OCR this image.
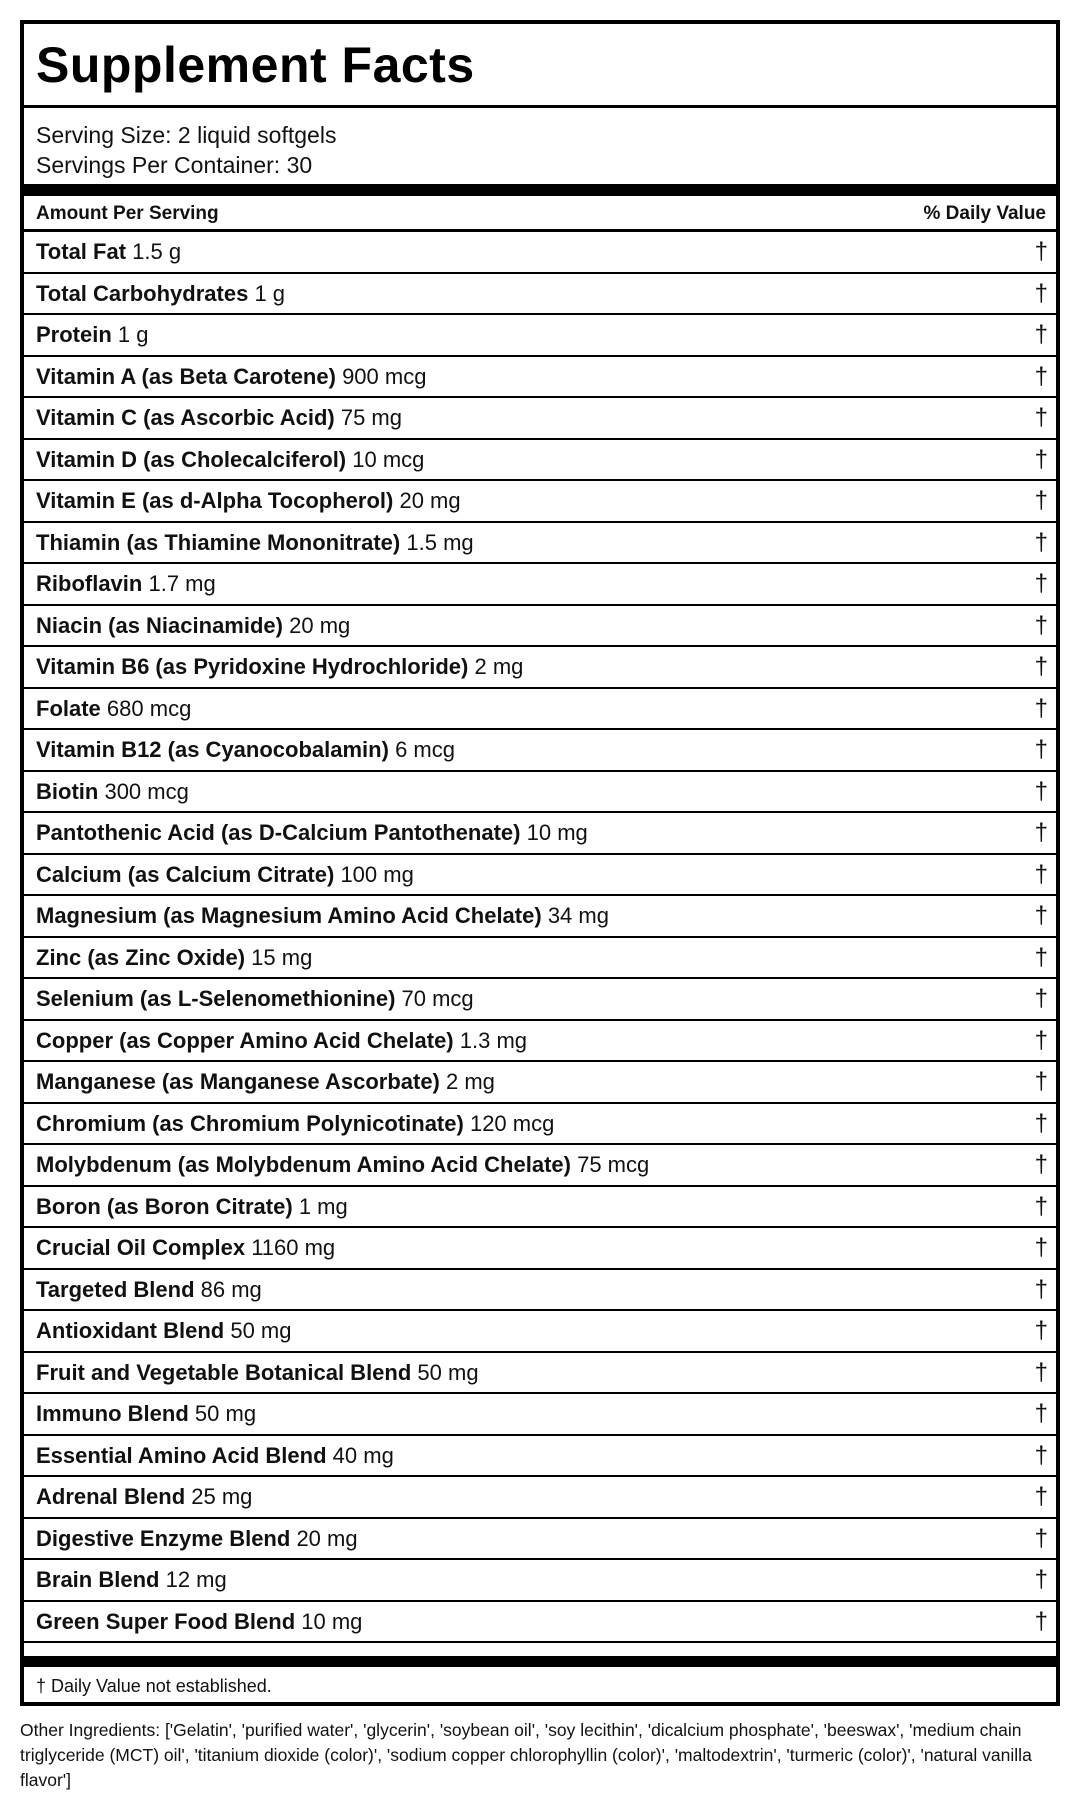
Supplement Facts
Serving Size: 2 liquid softgels
Servings Per Container: 30
Amount Per Serving	% Daily Value
Total Fat 1.5 g	†
Total Carbohydrates 1 g	†
Protein 1 g	†
Vitamin A (as Beta Carotene) 900 mcg	†
Vitamin C (as Ascorbic Acid) 75 mg	†
Vitamin D (as Cholecalciferol) 10 mcg	†
Vitamin E (as d-Alpha Tocopherol) 20 mg	†
Thiamin (as Thiamine Mononitrate) 1.5 mg	†
Riboflavin 1.7 mg	†
Niacin (as Niacinamide) 20 mg	†
Vitamin B6 (as Pyridoxine Hydrochloride) 2 mg	†
Folate 680 mcg	†
Vitamin B12 (as Cyanocobalamin) 6 mcg	†
Biotin 300 mcg	†
Pantothenic Acid (as D-Calcium Pantothenate) 10 mg	†
Calcium (as Calcium Citrate) 100 mg	†
Magnesium (as Magnesium Amino Acid Chelate) 34 mg	†
Zinc (as Zinc Oxide) 15 mg	†
Selenium (as L-Selenomethionine) 70 mcg	†
Copper (as Copper Amino Acid Chelate) 1.3 mg	†
Manganese (as Manganese Ascorbate) 2 mg	†
Chromium (as Chromium Polynicotinate) 120 mcg	†
Molybdenum (as Molybdenum Amino Acid Chelate) 75 mcg	†
Boron (as Boron Citrate) 1 mg	†
Crucial Oil Complex 1160 mg	†
Targeted Blend 86 mg	†
Antioxidant Blend 50 mg	†
Fruit and Vegetable Botanical Blend 50 mg	†
Immuno Blend 50 mg	†
Essential Amino Acid Blend 40 mg	†
Adrenal Blend 25 mg	†
Digestive Enzyme Blend 20 mg	†
Brain Blend 12 mg	†
Green Super Food Blend 10 mg	†
† Daily Value not established.
Other Ingredients: ['Gelatin', 'purified water', 'glycerin', 'soybean oil', 'soy lecithin', 'dicalcium phosphate', 'beeswax', 'medium chain triglyceride (MCT) oil', 'titanium dioxide (color)', 'sodium copper chlorophyllin (color)', 'maltodextrin', 'turmeric (color)', 'natural vanilla flavor']
